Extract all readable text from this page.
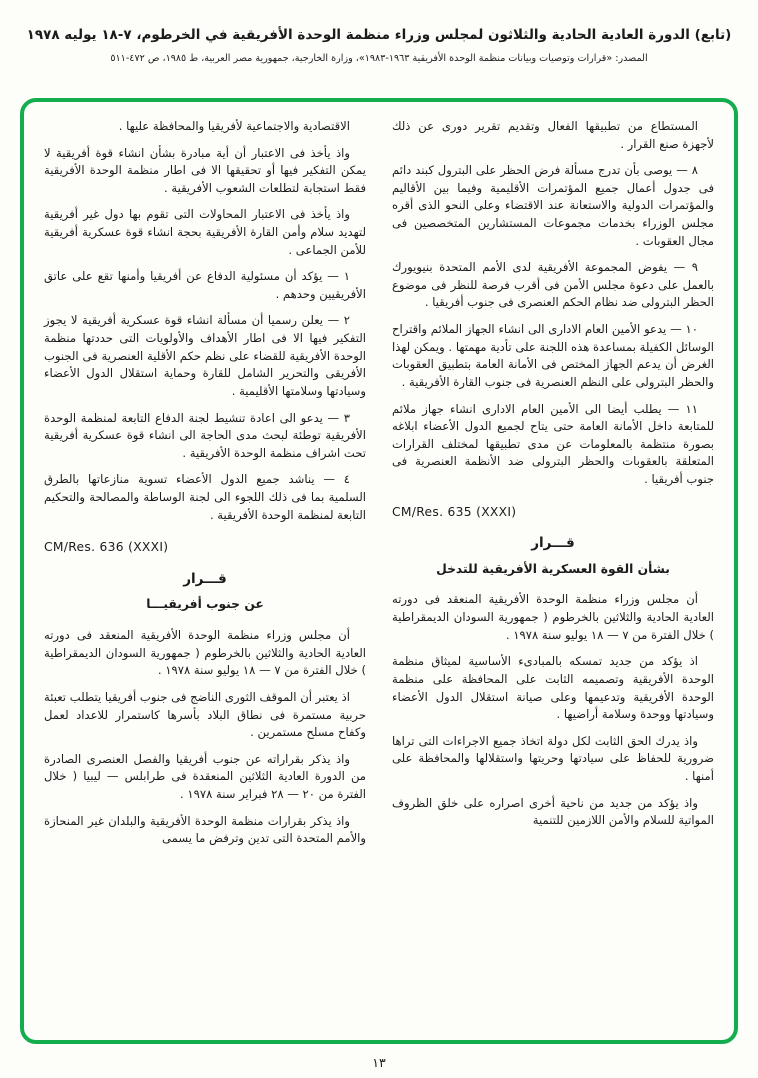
(تابع) الدورة العادية الحادية والثلاثون لمجلس وزراء منظمة الوحدة الأفريقية في الخرطوم، ٧-١٨ يوليه ١٩٧٨
المصدر: «قرارات وتوصيات وبيانات منظمة الوحدة الأفريقية ١٩٦٣-١٩٨٣»، وزارة الخارجية، جمهورية مصر العربية، ط ١٩٨٥، ص ٤٧٢-٥١١

المستطاع من تطبيقها الفعال وتقديم تقرير دورى عن ذلك لأجهزة صنع القرار .

٨ — يوصى بأن تدرج مسألة فرض الحظر على البترول كبند دائم فى جدول أعمال جميع المؤتمرات الأقليمية وفيما بين الأقاليم والمؤتمرات الدولية والاستعانة عند الاقتضاء وعلى النحو الذى أقره مجلس الوزراء بخدمات مجموعات المستشارين المتخصصين فى مجال العقوبات .

٩ — يفوض المجموعة الأفريقية لدى الأمم المتحدة بنيويورك بالعمل على دعوة مجلس الأمن فى أقرب فرصة للنظر فى موضوع الحظر البترولى ضد نظام الحكم العنصرى فى جنوب أفريقيا .

١٠ — يدعو الأمين العام الادارى الى انشاء الجهاز الملائم واقتراح الوسائل الكفيلة بمساعدة هذه اللجنة على تأدية مهمتها . ويمكن لهذا الغرض أن يدعم الجهاز المختص فى الأمانة العامة بتطبيق العقوبات والحظر البترولى على النظم العنصرية فى جنوب القارة الأفريقية .

١١ — يطلب أيضا الى الأمين العام الادارى انشاء جهاز ملائم للمتابعة داخل الأمانة العامة حتى يتاح لجميع الدول الأعضاء ابلاغه بصورة منتظمة بالمعلومات عن مدى تطبيقها لمختلف القرارات المتعلقة بالعقوبات والحظر البترولى ضد الأنظمة العنصرية فى جنوب أفريقيا .

CM/Res. 635 (XXXI)
قـــرار
بشأن القوة العسكرية الأفريقية للتدخل

أن مجلس وزراء منظمة الوحدة الأفريقية المنعقد فى دورته العادية الحادية والثلاثين بالخرطوم ( جمهورية السودان الديمقراطية ) خلال الفترة من ٧ — ١٨ يوليو سنة ١٩٧٨ .

اذ يؤكد من جديد تمسكه بالمبادىء الأساسية لميثاق منظمة الوحدة الأفريقية وتصميمه الثابت على المحافظة على منظمة الوحدة الأفريقية وتدعيمها وعلى صيانة استقلال الدول الأعضاء وسيادتها ووحدة وسلامة أراضيها .

واذ يدرك الحق الثابت لكل دولة اتخاذ جميع الاجراءات التى تراها ضرورية للحفاظ على سيادتها وحريتها واستقلالها والمحافظة على أمنها .

واذ يؤكد من جديد من ناحية أخرى اصراره على خلق الظروف المواتية للسلام والأمن اللازمين للتنمية

الاقتصادية والاجتماعية لأفريقيا والمحافظة عليها .

واذ يأخذ فى الاعتبار أن أية مبادرة بشأن انشاء قوة أفريقية لا يمكن التفكير فيها أو تحقيقها الا فى اطار منظمة الوحدة الأفريقية فقط استجابة لتطلعات الشعوب الأفريقية .

واذ يأخذ فى الاعتبار المحاولات التى تقوم بها دول غير أفريقية لتهديد سلام وأمن القارة الأفريقية بحجة انشاء قوة عسكرية أفريقية للأمن الجماعى .

١ — يؤكد أن مسئولية الدفاع عن أفريقيا وأمنها تقع على عاتق الأفريقيين وحدهم .

٢ — يعلن رسميا أن مسألة انشاء قوة عسكرية أفريقية لا يجوز التفكير فيها الا فى اطار الأهداف والأولويات التى حددتها منظمة الوحدة الأفريقية للقضاء على نظم حكم الأقلية العنصرية فى الجنوب الأفريقى والتحرير الشامل للقارة وحماية استقلال الدول الأعضاء وسيادتها وسلامتها الأقليمية .

٣ — يدعو الى اعادة تنشيط لجنة الدفاع التابعة لمنظمة الوحدة الأفريقية توطئة لبحث مدى الحاجة الى انشاء قوة عسكرية أفريقية تحت اشراف منظمة الوحدة الأفريقية .

٤ — يناشد جميع الدول الأعضاء تسوية منازعاتها بالطرق السلمية بما فى ذلك اللجوء الى لجنة الوساطة والمصالحة والتحكيم التابعة لمنظمة الوحدة الأفريقية .

CM/Res. 636 (XXXI)
قـــرار
عن جنوب أفريقيـــا

أن مجلس وزراء منظمة الوحدة الأفريقية المنعقد فى دورته العادية الحادية والثلاثين بالخرطوم ( جمهورية السودان الديمقراطية ) خلال الفترة من ٧ — ١٨ يوليو سنة ١٩٧٨ .

اذ يعتبر أن الموقف الثورى الناضج فى جنوب أفريقيا يتطلب تعبئة حربية مستمرة فى نطاق البلاد بأسرها كاستمرار للاعداد لعمل وكفاح مسلح مستمرين .

واذ يذكر بقراراته عن جنوب أفريقيا والفصل العنصرى الصادرة من الدورة العادية الثلاثين المنعقدة فى طرابلس — ليبيا ( خلال الفترة من ٢٠ — ٢٨ فبراير سنة ١٩٧٨ .

واذ يذكر بقرارات منظمة الوحدة الأفريقية والبلدان غير المنحازة والأمم المتحدة التى تدين وترفض ما يسمى

١٣
